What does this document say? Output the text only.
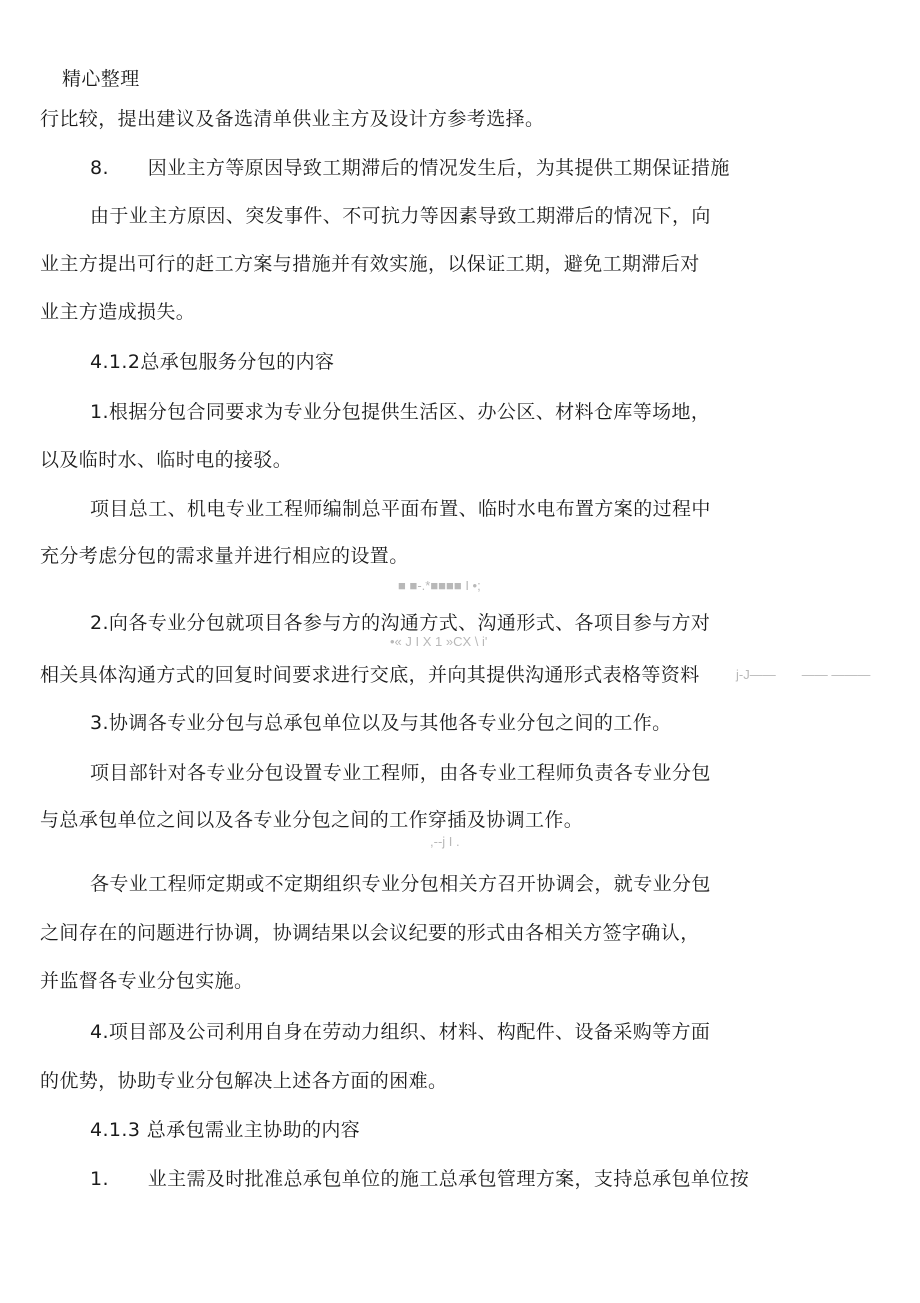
精心整理
行比较，提出建议及备选清单供业主方及设计方参考选择。
8.　　因业主方等原因导致工期滞后的情况发生后，为其提供工期保证措施
由于业主方原因、突发事件、不可抗力等因素导致工期滞后的情况下，向
业主方提出可行的赶工方案与措施并有效实施，以保证工期，避免工期滞后对
业主方造成损失。
4.1.2总承包服务分包的内容
1.根据分包合同要求为专业分包提供生活区、办公区、材料仓库等场地，
以及临时水、临时电的接驳。
项目总工、机电专业工程师编制总平面布置、临时水电布置方案的过程中
充分考虑分包的需求量并进行相应的设置。
■ ■-.*■■■■ I •;
2.向各专业分包就项目各参与方的沟通方式、沟通形式、各项目参与方对
•« J I X 1 »CX \ i'
相关具体沟通方式的回复时间要求进行交底，并向其提供沟通形式表格等资料	j-J——　　—— ———
3.协调各专业分包与总承包单位以及与其他各专业分包之间的工作。
项目部针对各专业分包设置专业工程师，由各专业工程师负责各专业分包
与总承包单位之间以及各专业分包之间的工作穿插及协调工作。
,--j I .
各专业工程师定期或不定期组织专业分包相关方召开协调会，就专业分包
之间存在的问题进行协调，协调结果以会议纪要的形式由各相关方签字确认，
并监督各专业分包实施。
4.项目部及公司利用自身在劳动力组织、材料、构配件、设备采购等方面
的优势，协助专业分包解决上述各方面的困难。
4.1.3 总承包需业主协助的内容
1.　　业主需及时批准总承包单位的施工总承包管理方案，支持总承包单位按
